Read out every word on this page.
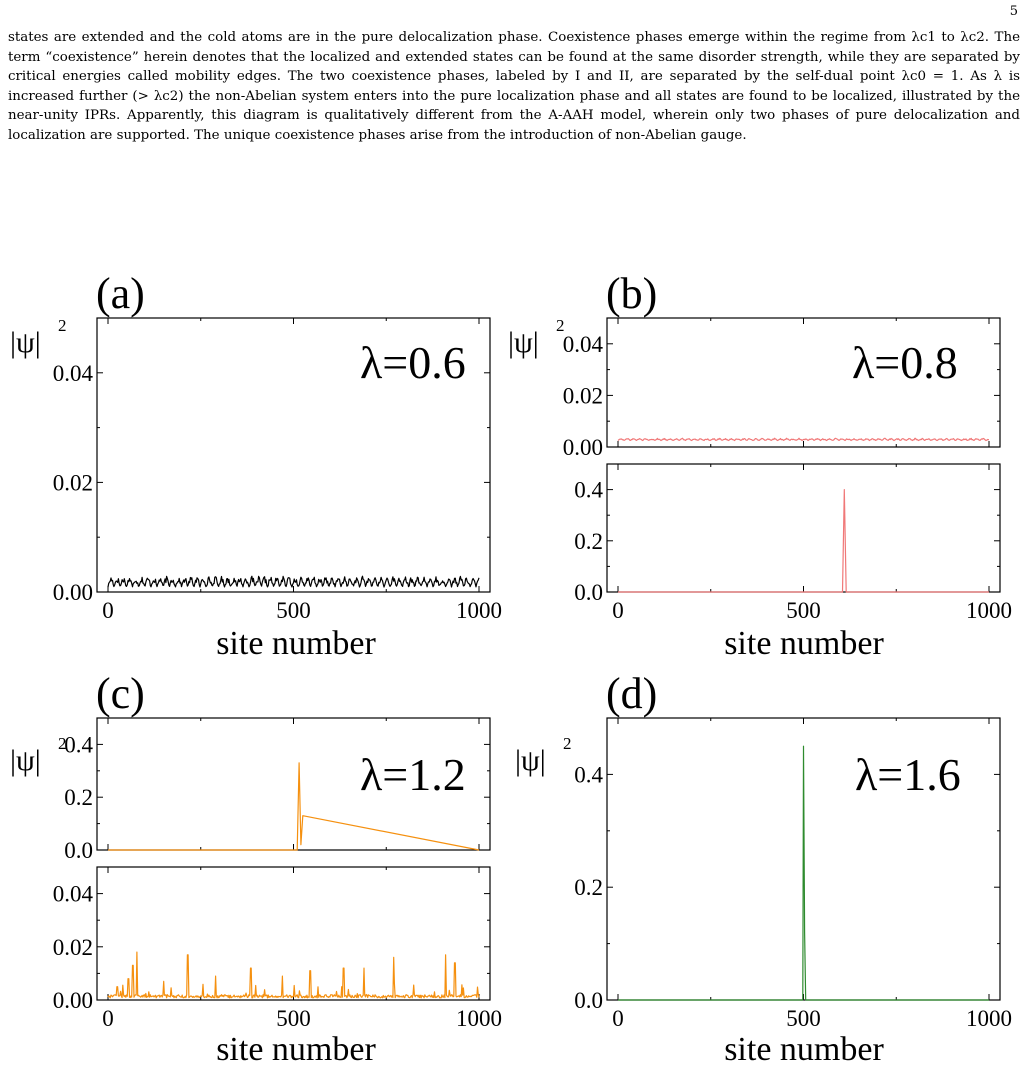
5

states are extended and the cold atoms are in the pure delocalization phase. Coexistence phases emerge within the regime from λc1 to λc2. The term “coexistence” herein denotes that the localized and extended states can be found at the same disorder strength, while they are separated by critical energies called mobility edges. The two coexistence phases, labeled by I and II, are separated by the self-dual point λc0 = 1. As λ is increased further (> λc2) the non-Abelian system enters into the pure localization phase and all states are found to be localized, illustrated by the near-unity IPRs. Apparently, this diagram is qualitatively different from the A-AAH model, wherein only two phases of pure delocalization and localization are supported. The unique coexistence phases arise from the introduction of non-Abelian gauge.

(a)	(b)
(c)	(d)
|ψ|
2
|ψ|
2
|ψ|
2
|ψ|
2
λ=0.6	λ=0.8
λ=1.2	λ=1.6
site number	site number
site number	site number
0.00
0.02
0.04
0	500	1000
0.00
0.02
0.04
0.0
0.2
0.4
0	500	1000
0.0
0.2
0.4
0.00
0.02
0.04
0	500	1000
0.0
0.2
0.4
0	500	1000
